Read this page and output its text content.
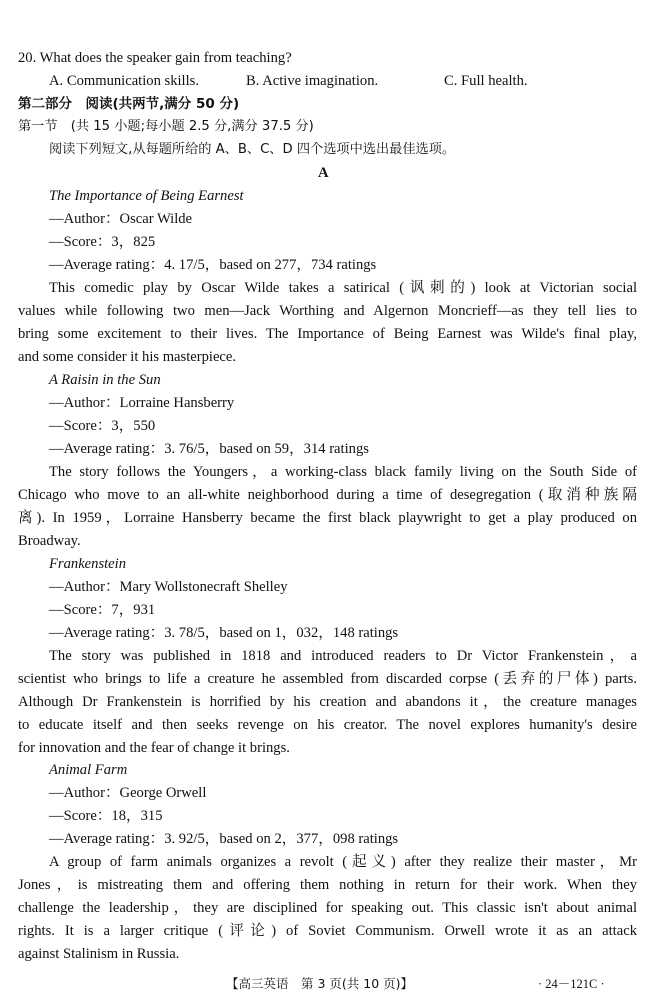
20. What does the speaker gain from teaching?
A. Communication skills.	B. Active imagination.	C. Full health.
第二部分　阅读(共两节,满分 50 分)
第一节　(共 15 小题;每小题 2.5 分,满分 37.5 分)
阅读下列短文,从每题所给的 A、B、C、D 四个选项中选出最佳选项。
A
The Importance of Being Earnest
—Author：Oscar Wilde
—Score：3，825
—Average rating：4. 17/5，based on 277，734 ratings
This comedic play by Oscar Wilde takes a satirical (讽刺的) look at Victorian social
values while following two men—Jack Worthing and Algernon Moncrieff—as they tell lies to
bring some excitement to their lives. The Importance of Being Earnest was Wilde's final play,
and some consider it his masterpiece.
A Raisin in the Sun
—Author：Lorraine Hansberry
—Score：3，550
—Average rating：3. 76/5，based on 59，314 ratings
The story follows the Youngers，a working-class black family living on the South Side of
Chicago who move to an all-white neighborhood during a time of desegregation (取消种族隔
离). In 1959，Lorraine Hansberry became the first black playwright to get a play produced on
Broadway.
Frankenstein
—Author：Mary Wollstonecraft Shelley
—Score：7，931
—Average rating：3. 78/5，based on 1，032，148 ratings
The story was published in 1818 and introduced readers to Dr Victor Frankenstein，a
scientist who brings to life a creature he assembled from discarded corpse (丢弃的尸体) parts.
Although Dr Frankenstein is horrified by his creation and abandons it，the creature manages
to educate itself and then seeks revenge on his creator. The novel explores humanity's desire
for innovation and the fear of change it brings.
Animal Farm
—Author：George Orwell
—Score：18，315
—Average rating：3. 92/5，based on 2，377，098 ratings
A group of farm animals organizes a revolt (起义) after they realize their master，Mr
Jones，is mistreating them and offering them nothing in return for their work. When they
challenge the leadership，they are disciplined for speaking out. This classic isn't about animal
rights. It is a larger critique (评论) of Soviet Communism. Orwell wrote it as an attack
against Stalinism in Russia.
【高三英语　第 3 页(共 10 页)】	· 24－121C ·
